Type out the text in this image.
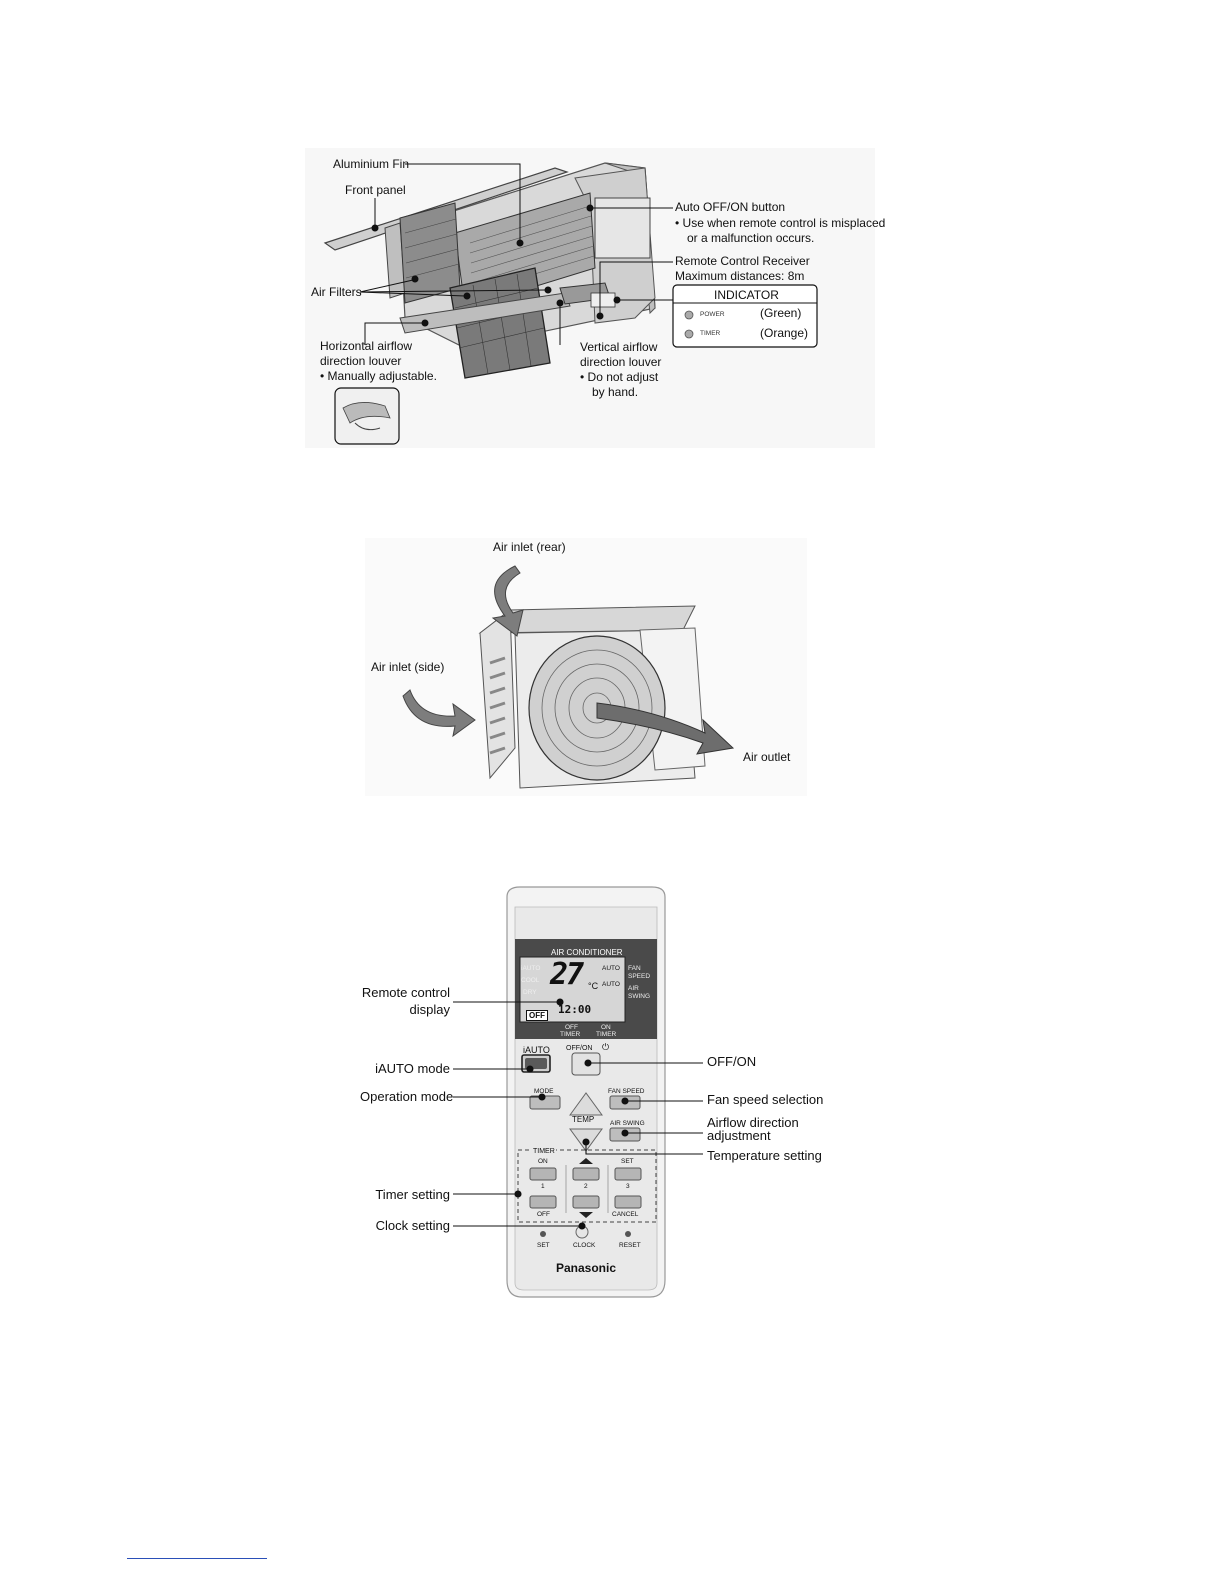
Aluminium Fin
Front panel
Air Filters
Horizontal airflow
direction louver
• Manually adjustable.
Vertical airflow
direction louver
• Do not adjust
by hand.
Auto OFF/ON button
• Use when remote control is misplaced
or a malfunction occurs.
Remote Control Receiver
Maximum distances: 8m
INDICATOR
POWER	(Green)
TIMER	(Orange)
Air inlet (rear)
Air inlet (side)
Air outlet
Remote control
display
iAUTO mode
Operation mode
Timer setting
Clock setting
OFF/ON
Fan speed selection
Airflow direction
adjustment
Temperature setting
AIR CONDITIONER
iAUTO
COOL
DRY
27 °C
AUTO
AUTO
FAN
SPEED
AIR
SWING
12:00
OFF
OFF
TIMER
ON
TIMER
iAUTO OFF/ON ⏻
MODE	FAN SPEED
TEMP AIR SWING
TIMER
ON	SET
1	2	3
OFF	CANCEL
SET	CLOCK	RESET
Panasonic
